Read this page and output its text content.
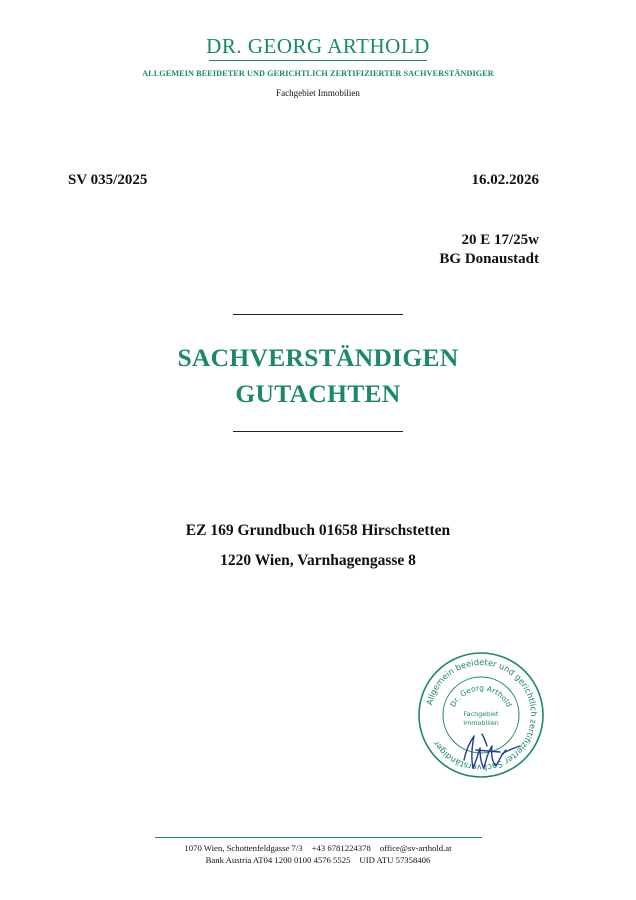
DR. GEORG ARTHOLD
ALLGEMEIN BEEIDETER UND GERICHTLICH ZERTIFIZIERTER SACHVERSTÄNDIGER
Fachgebiet Immobilien
SV 035/2025	16.02.2026
20 E 17/25w
BG Donaustadt
SACHVERSTÄNDIGEN
GUTACHTEN
EZ 169 Grundbuch 01658 Hirschstetten
1220 Wien, Varnhagengasse 8
Allgemein beeideter und gerichtlich zertifizierter Sachverständiger
Dr. Georg Arthold
Fachgebiet
Immobilien
1070 Wien, Schottenfeldgasse 7/3 +43 6781224378 office@sv-arthold.at
Bank Austria AT04 1200 0100 4576 5525 UID ATU 57358406
